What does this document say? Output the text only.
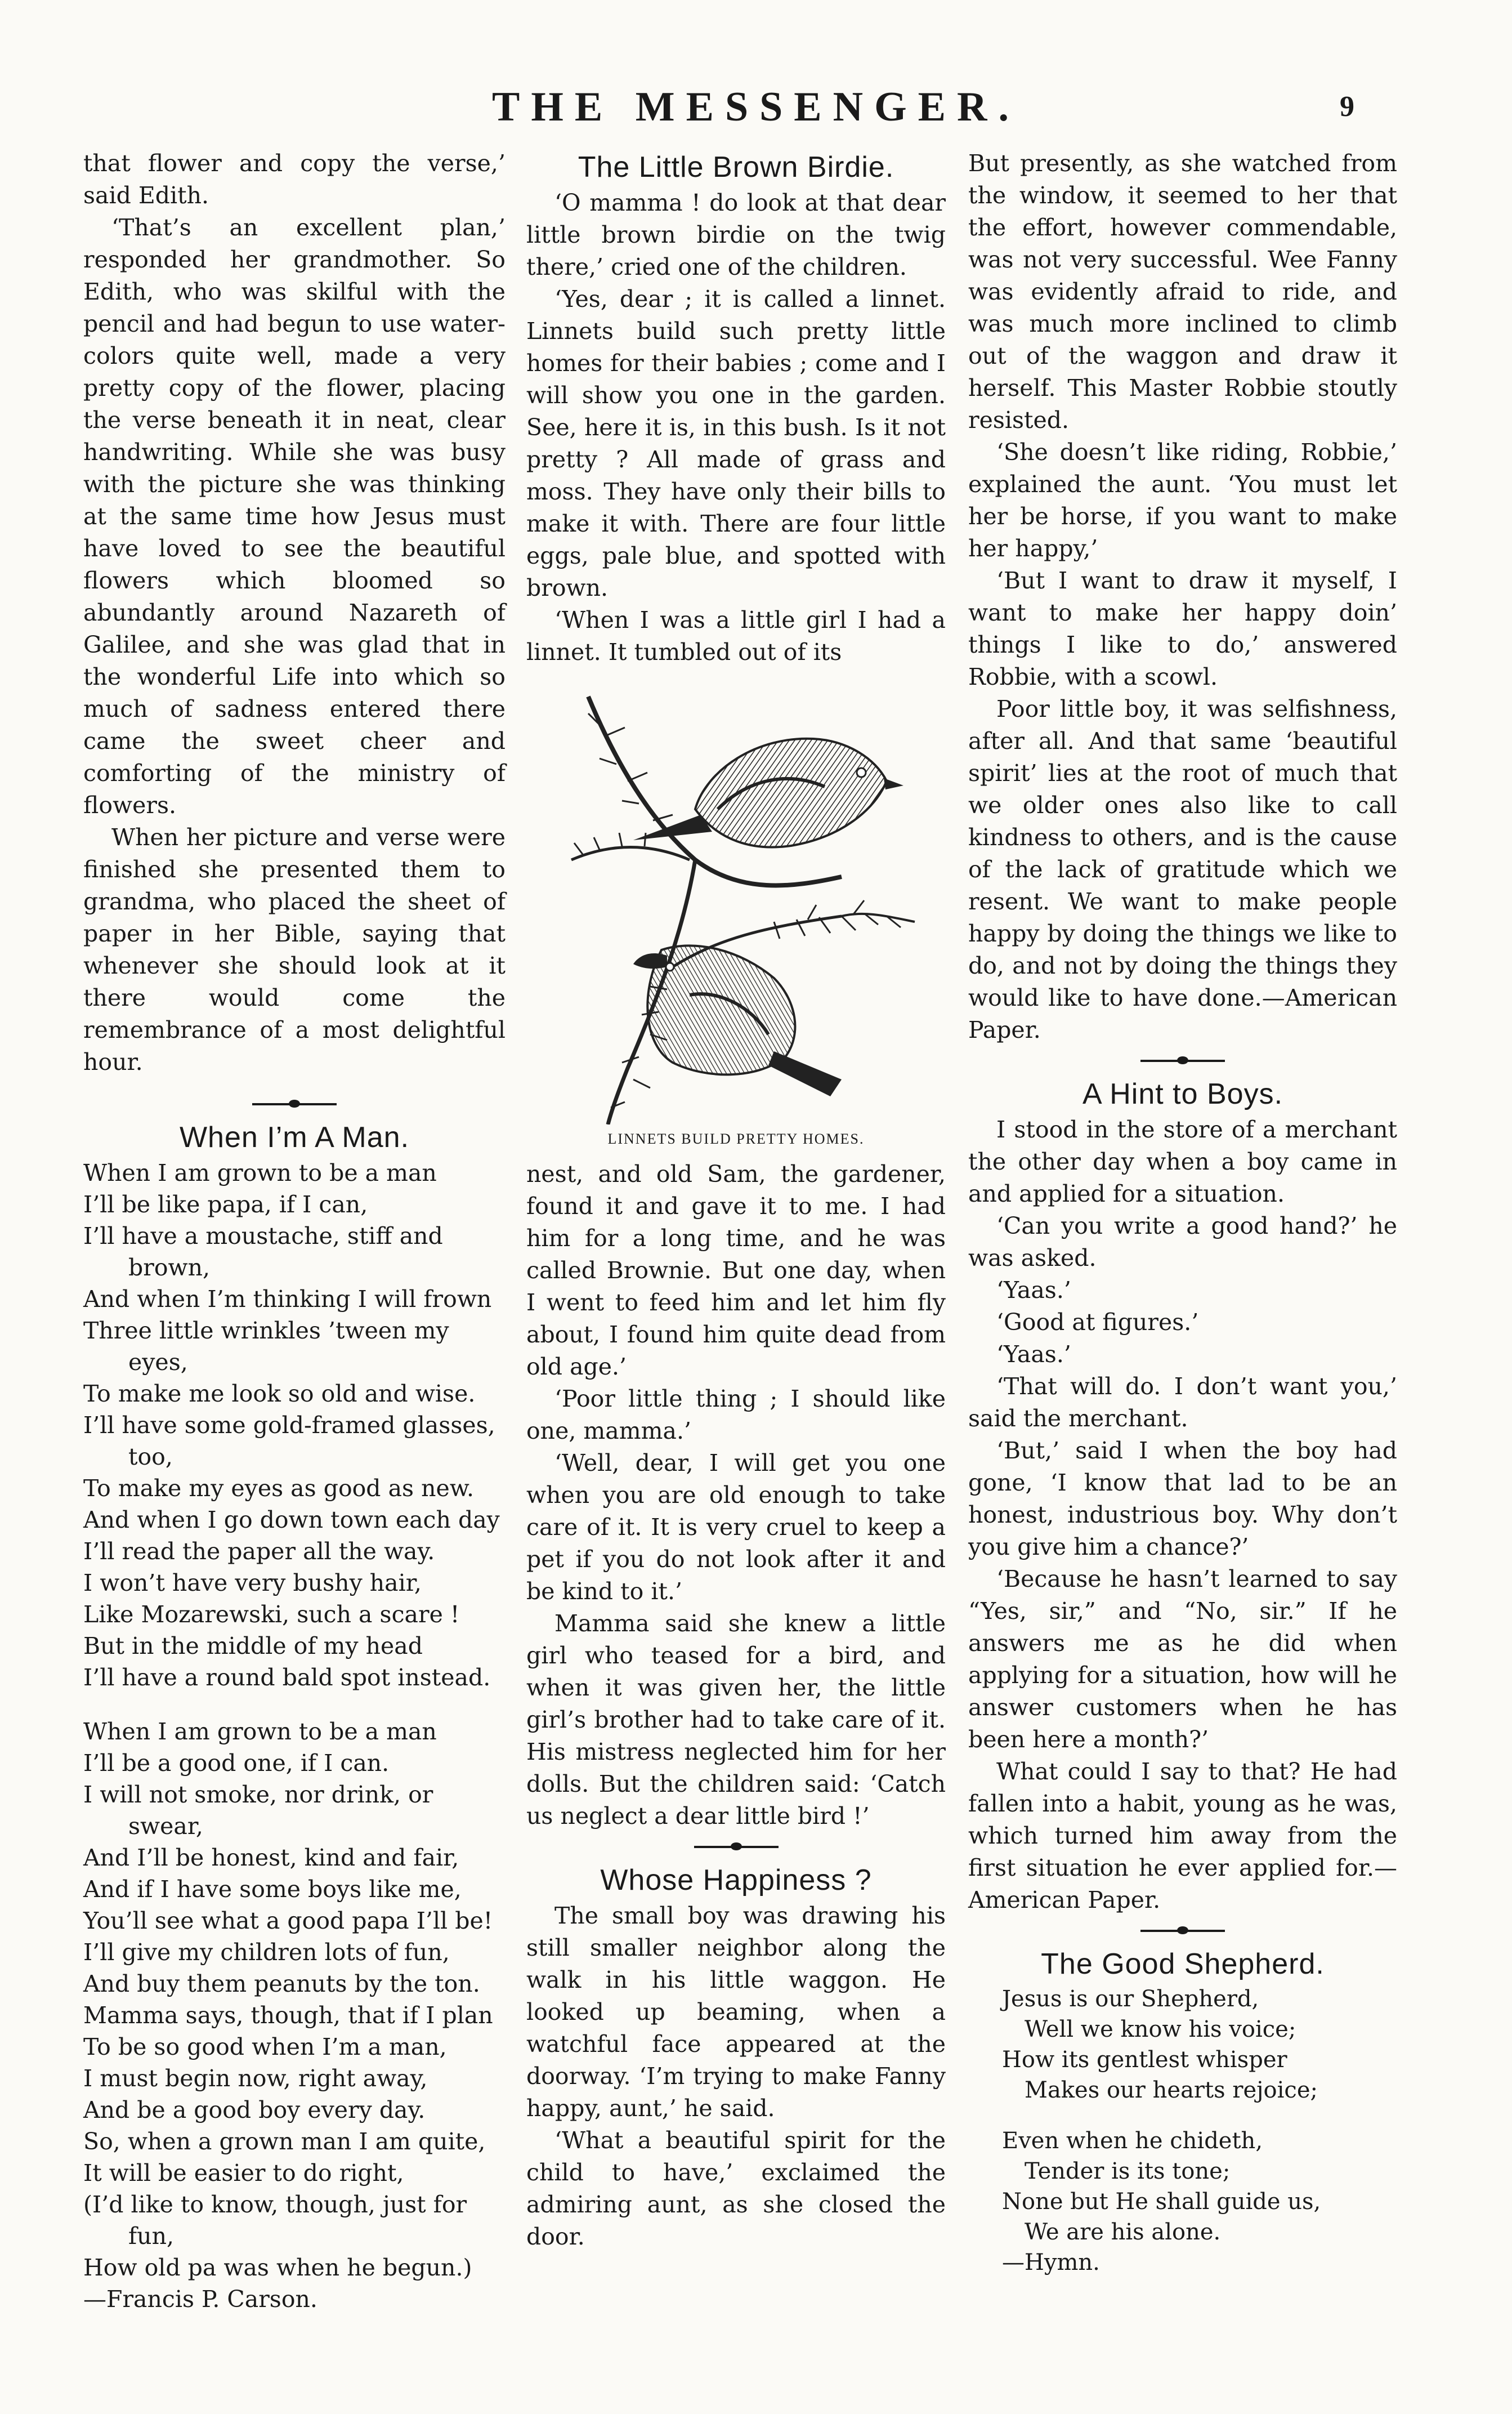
THE MESSENGER.	9

that flower and copy the verse,’ said Edith.

‘That’s an excellent plan,’ responded her grandmother. So Edith, who was skilful with the pencil and had begun to use water-colors quite well, made a very pretty copy of the flower, placing the verse beneath it in neat, clear handwriting. While she was busy with the picture she was thinking at the same time how Jesus must have loved to see the beautiful flowers which bloomed so abundantly around Nazareth of Galilee, and she was glad that in the wonderful Life into which so much of sadness entered there came the sweet cheer and comforting of the ministry of flowers.

When her picture and verse were finished she presented them to grandma, who placed the sheet of paper in her Bible, saying that whenever she should look at it there would come the remembrance of a most delightful hour.

When I’m A Man.
When I am grown to be a man
I’ll be like papa, if I can,
I’ll have a moustache, stiff and brown,
And when I’m thinking I will frown
Three little wrinkles ’tween my eyes,
To make me look so old and wise.
I’ll have some gold-framed glasses, too,
To make my eyes as good as new.
And when I go down town each day
I’ll read the paper all the way.
I won’t have very bushy hair,
Like Mozarewski, such a scare !
But in the middle of my head
I’ll have a round bald spot instead.
When I am grown to be a man
I’ll be a good one, if I can.
I will not smoke, nor drink, or swear,
And I’ll be honest, kind and fair,
And if I have some boys like me,
You’ll see what a good papa I’ll be!
I’ll give my children lots of fun,
And buy them peanuts by the ton.
Mamma says, though, that if I plan
To be so good when I’m a man,
I must begin now, right away,
And be a good boy every day.
So, when a grown man I am quite,
It will be easier to do right,
(I’d like to know, though, just for fun,
How old pa was when he begun.)
—Francis P. Carson.
The Little Brown Birdie.

‘O mamma ! do look at that dear little brown birdie on the twig there,’ cried one of the children.

‘Yes, dear ; it is called a linnet. Linnets build such pretty little homes for their babies ; come and I will show you one in the garden. See, here it is, in this bush. Is it not pretty ? All made of grass and moss. They have only their bills to make it with. There are four little eggs, pale blue, and spotted with brown.

‘When I was a little girl I had a linnet. It tumbled out of its

LINNETS BUILD PRETTY HOMES.

nest, and old Sam, the gardener, found it and gave it to me. I had him for a long time, and he was called Brownie. But one day, when I went to feed him and let him fly about, I found him quite dead from old age.’

‘Poor little thing ; I should like one, mamma.’

‘Well, dear, I will get you one when you are old enough to take care of it. It is very cruel to keep a pet if you do not look after it and be kind to it.’

Mamma said she knew a little girl who teased for a bird, and when it was given her, the little girl’s brother had to take care of it. His mistress neglected him for her dolls. But the children said: ‘Catch us neglect a dear little bird !’

Whose Happiness ?

The small boy was drawing his still smaller neighbor along the walk in his little waggon. He looked up beaming, when a watchful face appeared at the doorway. ‘I’m trying to make Fanny happy, aunt,’ he said.

‘What a beautiful spirit for the child to have,’ exclaimed the admiring aunt, as she closed the door.

But presently, as she watched from the window, it seemed to her that the effort, however commendable, was not very successful. Wee Fanny was evidently afraid to ride, and was much more inclined to climb out of the waggon and draw it herself. This Master Robbie stoutly resisted.

‘She doesn’t like riding, Robbie,’ explained the aunt. ‘You must let her be horse, if you want to make her happy,’

‘But I want to draw it myself, I want to make her happy doin’ things I like to do,’ answered Robbie, with a scowl.

Poor little boy, it was selfishness, after all. And that same ‘beautiful spirit’ lies at the root of much that we older ones also like to call kindness to others, and is the cause of the lack of gratitude which we resent. We want to make people happy by doing the things we like to do, and not by doing the things they would like to have done.—American Paper.

A Hint to Boys.

I stood in the store of a merchant the other day when a boy came in and applied for a situation.

‘Can you write a good hand?’ he was asked.

‘Yaas.’

‘Good at figures.’

‘Yaas.’

‘That will do. I don’t want you,’ said the merchant.

‘But,’ said I when the boy had gone, ‘I know that lad to be an honest, industrious boy. Why don’t you give him a chance?’

‘Because he hasn’t learned to say “Yes, sir,” and “No, sir.” If he answers me as he did when applying for a situation, how will he answer customers when he has been here a month?’

What could I say to that? He had fallen into a habit, young as he was, which turned him away from the first situation he ever applied for.—American Paper.

The Good Shepherd.
Jesus is our Shepherd,
Well we know his voice;
How its gentlest whisper
Makes our hearts rejoice;
Even when he chideth,
Tender is its tone;
None but He shall guide us,
We are his alone.
—Hymn.
